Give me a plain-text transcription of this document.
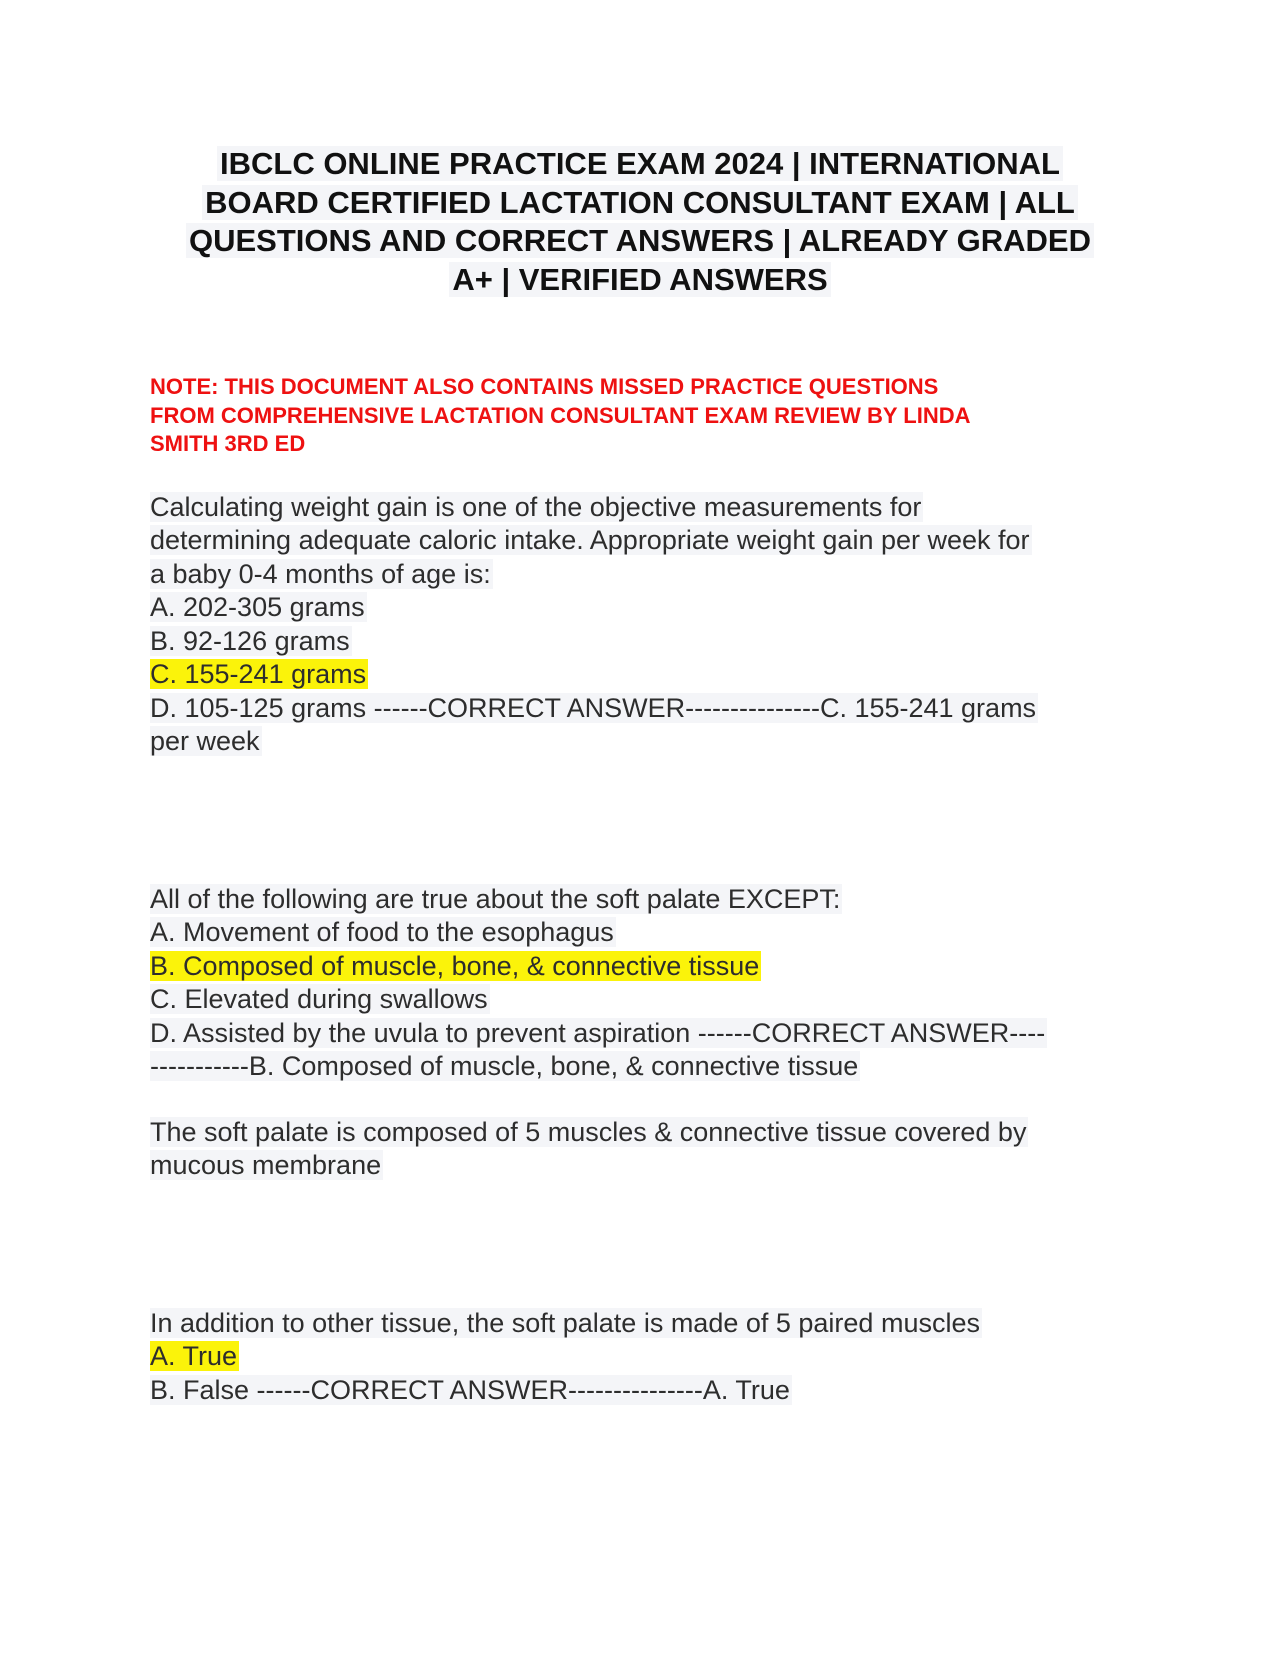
IBCLC ONLINE PRACTICE EXAM 2024 | INTERNATIONAL
BOARD CERTIFIED LACTATION CONSULTANT EXAM | ALL
QUESTIONS AND CORRECT ANSWERS | ALREADY GRADED
A+ | VERIFIED ANSWERS
NOTE: THIS DOCUMENT ALSO CONTAINS MISSED PRACTICE QUESTIONS
FROM COMPREHENSIVE LACTATION CONSULTANT EXAM REVIEW BY LINDA
SMITH 3RD ED
Calculating weight gain is one of the objective measurements for
determining adequate caloric intake. Appropriate weight gain per week for
a baby 0-4 months of age is:
A. 202-305 grams
B. 92-126 grams
C. 155-241 grams
D. 105-125 grams ------CORRECT ANSWER---------------C. 155-241 grams
per week
All of the following are true about the soft palate EXCEPT:
A. Movement of food to the esophagus
B. Composed of muscle, bone, & connective tissue
C. Elevated during swallows
D. Assisted by the uvula to prevent aspiration ------CORRECT ANSWER----
-----------B. Composed of muscle, bone, & connective tissue
The soft palate is composed of 5 muscles & connective tissue covered by
mucous membrane
In addition to other tissue, the soft palate is made of 5 paired muscles
A. True
B. False ------CORRECT ANSWER---------------A. True
